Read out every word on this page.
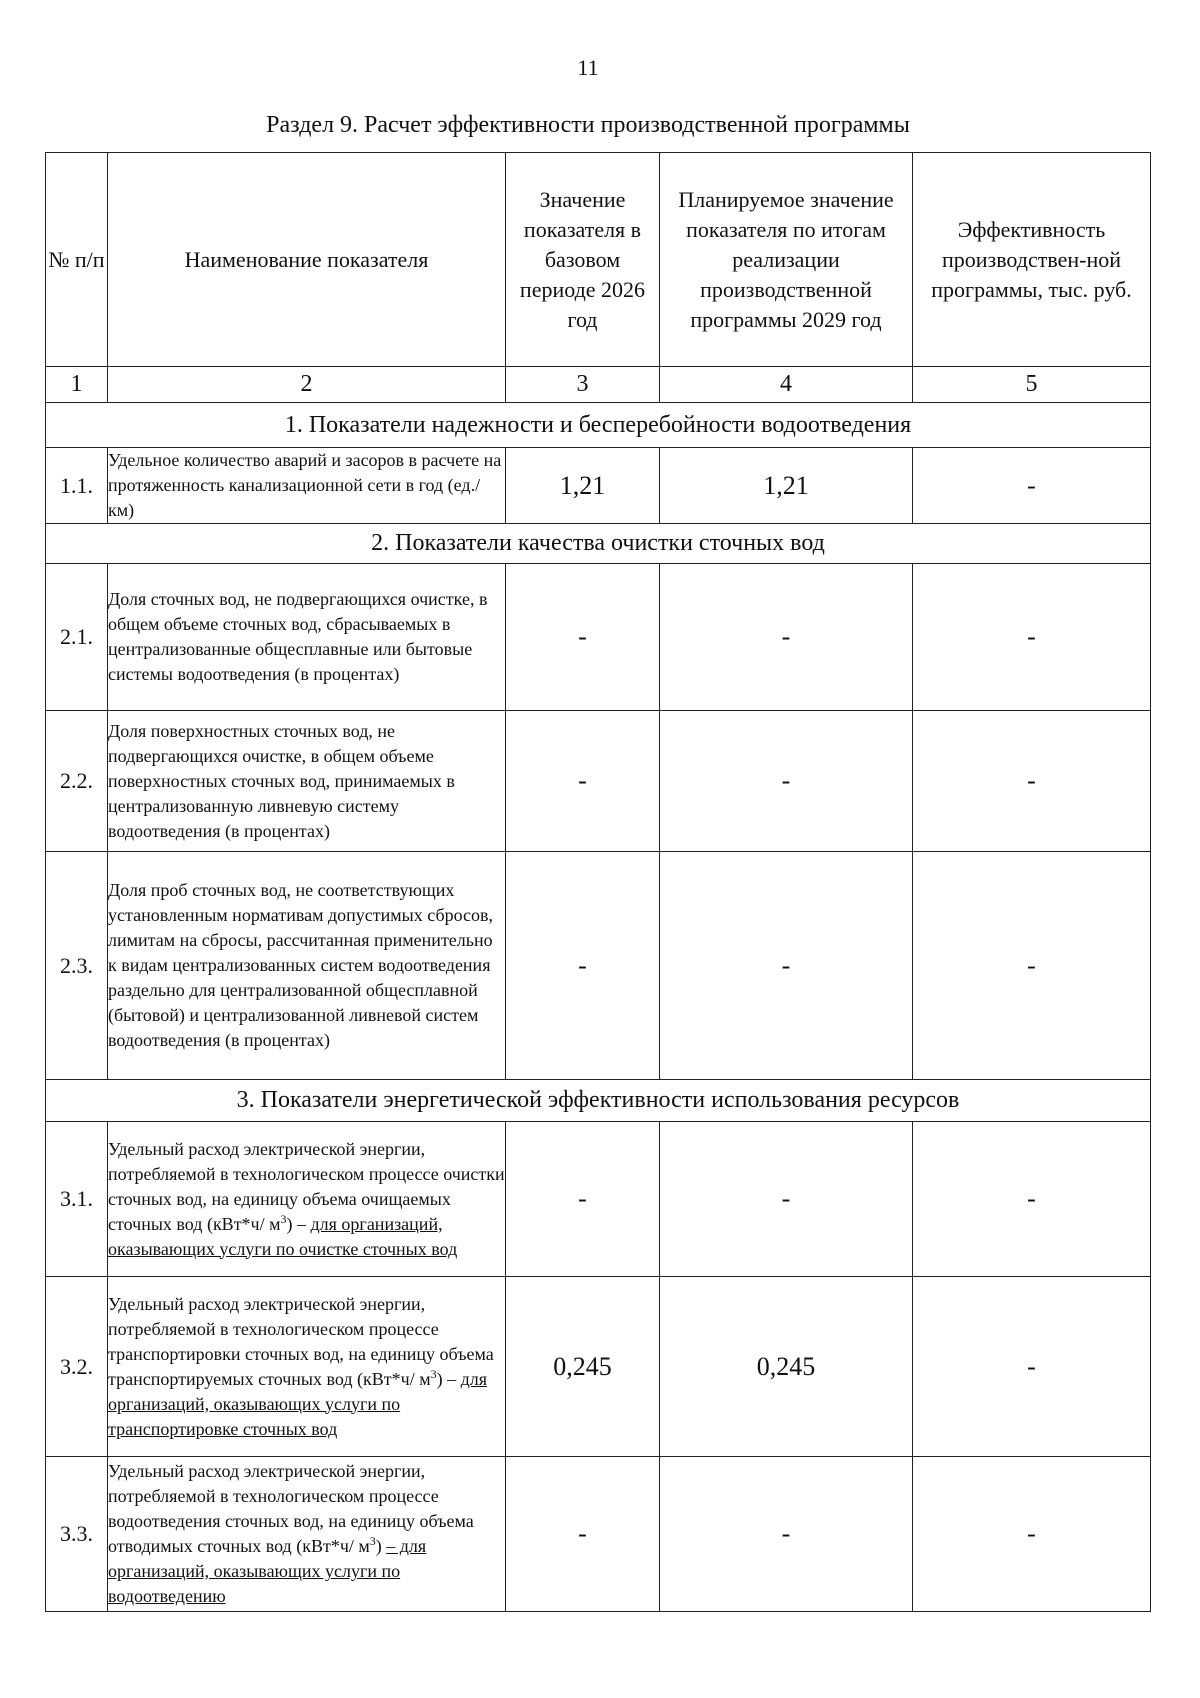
11
Раздел 9. Расчет эффективности производственной программы
№ п/п	Наименование показателя	Значение показателя в базовом периоде 2026 год	Планируемое значение показателя по итогам реализации производственной программы 2029 год	Эффективность производствен-ной программы, тыс. руб.
1	2	3	4	5
1. Показатели надежности и бесперебойности водоотведения				
1.1.	Удельное количество аварий и засоров в расчете на протяженность канализационной сети в год (ед./км)	1,21	1,21	-
2. Показатели качества очистки сточных вод				
2.1.	Доля сточных вод, не подвергающихся очистке, в общем объеме сточных вод, сбрасываемых в централизованные общесплавные или бытовые системы водоотведения (в процентах)	-	-	-
2.2.	Доля поверхностных сточных вод, не подвергающихся очистке, в общем объеме поверхностных сточных вод, принимаемых в централизованную ливневую систему водоотведения (в процентах)	-	-	-
2.3.	Доля проб сточных вод, не соответствующих установленным нормативам допустимых сбросов, лимитам на сбросы, рассчитанная применительно к видам централизованных систем водоотведения раздельно для централизованной общесплавной (бытовой) и централизованной ливневой систем водоотведения (в процентах)	-	-	-
3. Показатели энергетической эффективности использования ресурсов				
3.1.	Удельный расход электрической энергии, потребляемой в технологическом процессе очистки сточных вод, на единицу объема очищаемых сточных вод (кВт*ч/ $м^3$) – для организаций, оказывающих услуги по очистке сточных вод	-	-	-
3.2.	Удельный расход электрической энергии, потребляемой в технологическом процессе транспортировки сточных вод, на единицу объема транспортируемых сточных вод (кВт*ч/ $м^3$) – для организаций, оказывающих услуги по транспортировке сточных вод	0,245	0,245	-
3.3.	Удельный расход электрической энергии, потребляемой в технологическом процессе водоотведения сточных вод, на единицу объема отводимых сточных вод (кВт*ч/ $м^3$) – для организаций, оказывающих услуги по водоотведению	-	-	-
